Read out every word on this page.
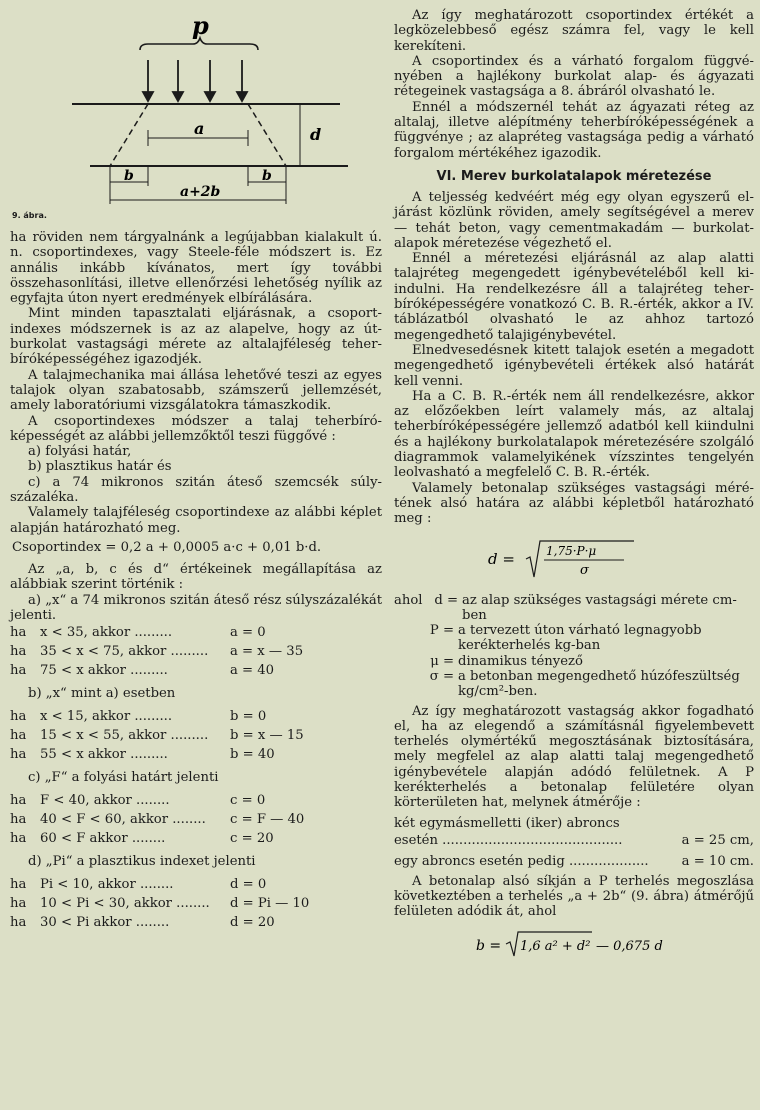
p
a	d
b	b
a+2b
9. ábra.

ha röviden nem tárgyalnánk a legújabban kialakult ú. n. csoportindexes, vagy Steele-féle módszert is. Ez annális inkább kívánatos, mert így további összehasonlítási, illetve ellenőrzési lehetőség nyílik az egyfajta úton nyert eredmények elbírálására.

Mint minden tapasztalati eljárásnak, a csoportindexes módszernek is az az alapelve, hogy az útburkolat vastagsági mérete az altalajféleség teherbíróképességéhez igazodjék.

A talajmechanika mai állása lehetővé teszi az egyes talajok olyan szabatosabb, számszerű jellemzését, amely laboratóriumi vizsgálatokra támaszkodik.

A csoportindexes módszer a talaj teherbíróképességét az alábbi jellemzőktől teszi függővé :

a) folyási határ,

b) plasztikus határ és

c) a 74 mikronos szitán áteső szemcsék súlyszázaléka.

Valamely talajféleség csoportindexe az alábbi képlet alapján határozható meg.

Csoportindex = 0,2 a + 0,0005 a·c + 0,01 b·d.

Az „a, b, c és d“ értékeinek megállapítása az alábbiak szerint történik :

a) „x“ a 74 mikronos szitán áteső rész súlyszázalékát jelenti.

ha	x < 35, akkor .........	a = 0
ha	35 < x < 75, akkor .........	a = x — 35
ha	75 < x akkor .........	a = 40
b) „x“ mint a) esetben
ha	x < 15, akkor .........	b = 0
ha	15 < x < 55, akkor .........	b = x — 15
ha	55 < x akkor .........	b = 40
c) „F“ a folyási határt jelenti
ha	F < 40, akkor ........	c = 0
ha	40 < F < 60, akkor ........	c = F — 40
ha	60 < F akkor ........	c = 20
d) „Pi“ a plasztikus indexet jelenti
ha	Pi < 10, akkor ........	d = 0
ha	10 < Pi < 30, akkor ........	d = Pi — 10
ha	30 < Pi akkor ........	d = 20

Az így meghatározott csoportindex értékét a legközelebbeső egész számra fel, vagy le kell kerekíteni.

A csoportindex és a várható forgalom függvényében a hajlékony burkolat alap- és ágyazati rétegeinek vastagsága a 8. ábráról olvasható le.

Ennél a módszernél tehát az ágyazati réteg az altalaj, illetve alépítmény teherbíróképességének a függvénye ; az alapréteg vastagsága pedig a várható forgalom mértékéhez igazodik.

VI. Merev burkolatalapok méretezése

A teljesség kedvéért még egy olyan egyszerű eljárást közlünk röviden, amely segítségével a merev — tehát beton, vagy cementmakadám — burkolatalapok méretezése végezhető el.

Ennél a méretezési eljárásnál az alap alatti talajréteg megengedett igénybevételéből kell kiindulni. Ha rendelkezésre áll a talajréteg teherbíróképességére vonatkozó C. B. R.-érték, akkor a IV. táblázatból olvasható le az ahhoz tartozó megengedhető talajigénybevétel.

Elnedvesedésnek kitett talajok esetén a megadott megengedhető igénybevételi értékek alsó határát kell venni.

Ha a C. B. R.-érték nem áll rendelkezésre, akkor az előzőekben leírt valamely más, az altalaj teherbíróképességére jellemző adatból kell kiindulni és a hajlékony burkolatalapok méretezésére szolgáló diagrammok valamelyikének vízszintes tengelyén leolvasható a megfelelő C. B. R.-érték.

Valamely betonalap szükséges vastagsági mérétének alsó határa az alábbi képletből határozható meg :

d =	1,75·P·μ
σ
ahol d = az alap szükséges vastagsági mérete cm-ben
P = a tervezett úton várható legnagyobb kerékterhelés kg-ban
μ = dinamikus tényező
σ = a betonban megengedhető húzófeszültség kg/cm²-ben.

Az így meghatározott vastagság akkor fogadható el, ha az elegendő a számításnál figyelembevett terhelés olymértékű megosztásának biztosítására, mely megfelel az alap alatti talaj megengedhető igénybevétele alapján adódó felületnek. A P kerékterhelés a betonalap felületére olyan körterületen hat, melynek átmérője :

két egymásmelletti (iker) abroncs
esetén ...........................................	a = 25 cm,
egy abroncs esetén pedig ...................	a = 10 cm.

A betonalap alsó síkján a P terhelés megoszlása következtében a terhelés „a + 2b“ (9. ábra) átmérőjű felületen adódik át, ahol

b = 1,6 a² + d² — 0,675 d
